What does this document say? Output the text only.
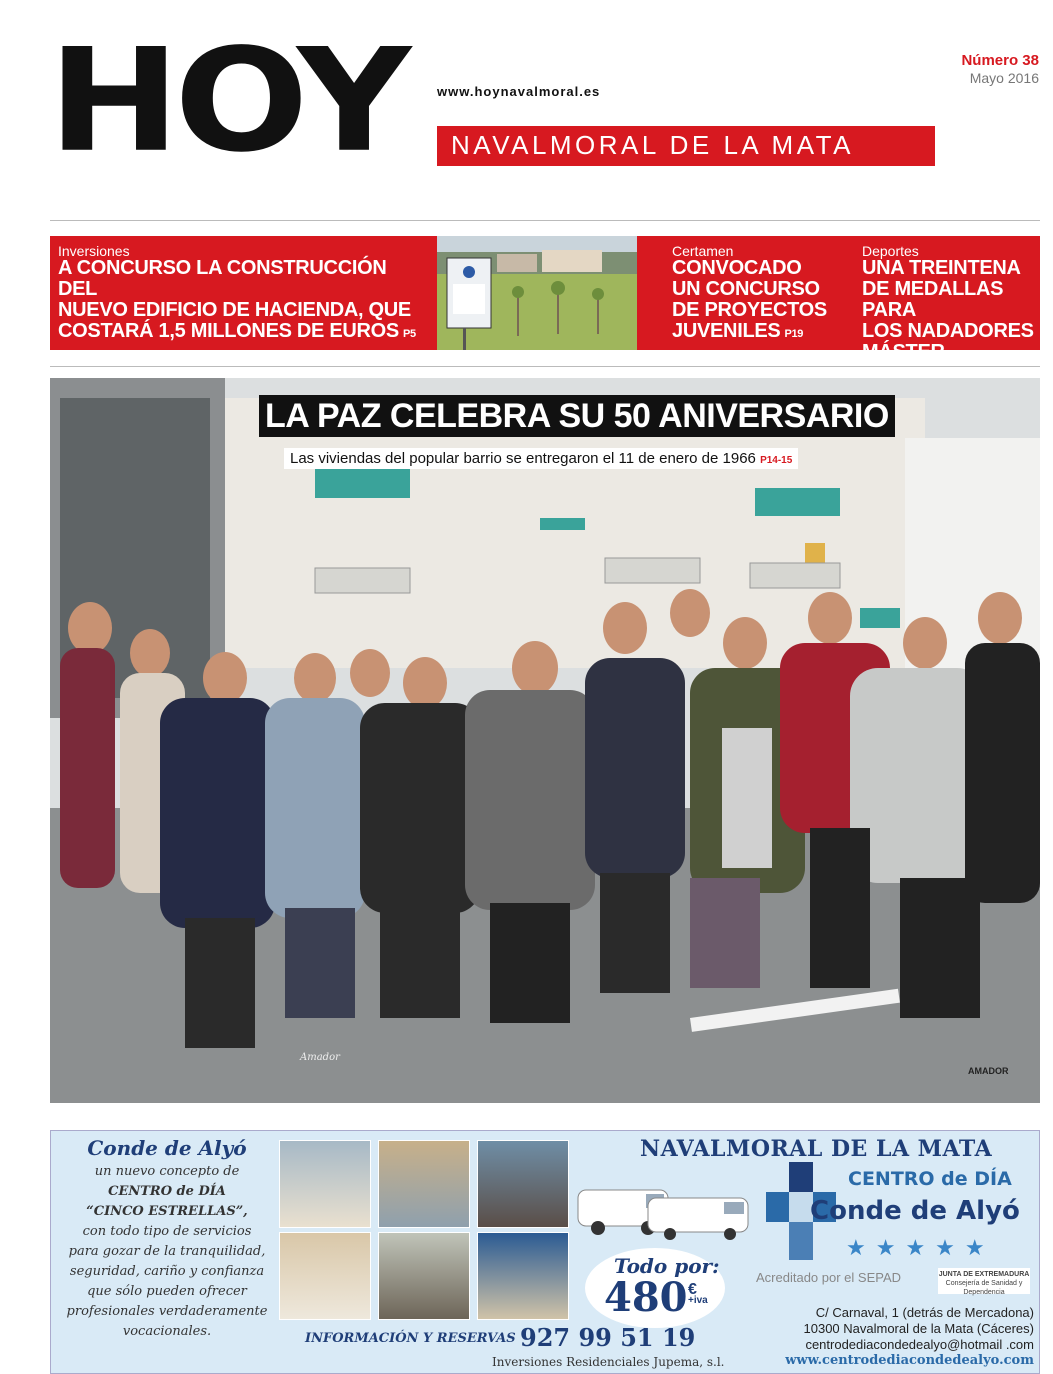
HOY www.hoynavalmoral.es
NAVALMORAL DE LA MATA
Número 38
Mayo 2016
Inversiones
A CONCURSO LA CONSTRUCCIÓN DEL
NUEVO EDIFICIO DE HACIENDA, QUE
COSTARÁ 1,5 MILLONES DE EUROS P5
Certamen
CONVOCADO
UN CONCURSO
DE PROYECTOS
JUVENILES P19
Deportes
UNA TREINTENA
DE MEDALLAS PARA
LOS NADADORES
MÁSTER P22
LA PAZ CELEBRA SU 50 ANIVERSARIO
Las viviendas del popular barrio se entregaron el 11 de enero de 1966 P14-15
Amador
AMADOR
Conde de Alyó
un nuevo concepto de
CENTRO de DÍA
“CINCO ESTRELLAS”,
con todo tipo de servicios
para gozar de la tranquilidad,
seguridad, cariño y confianza
que sólo pueden ofrecer
profesionales verdaderamente
vocacionales.
NAVALMORAL DE LA MATA
CENTRO de DÍA
Conde de Alyó
★★★★★
Acreditado por el SEPAD	JUNTA DE EXTREMADURA
Consejería de Sanidad y Dependencia
Todo por:
480 €
+iva
INFORMACIÓN Y RESERVAS 927 99 51 19
Inversiones Residenciales Jupema, s.l.
C/ Carnaval, 1 (detrás de Mercadona)
10300 Navalmoral de la Mata (Cáceres)
centrodediacondedealyo@hotmail .com
www.centrodediacondedealyo.com
